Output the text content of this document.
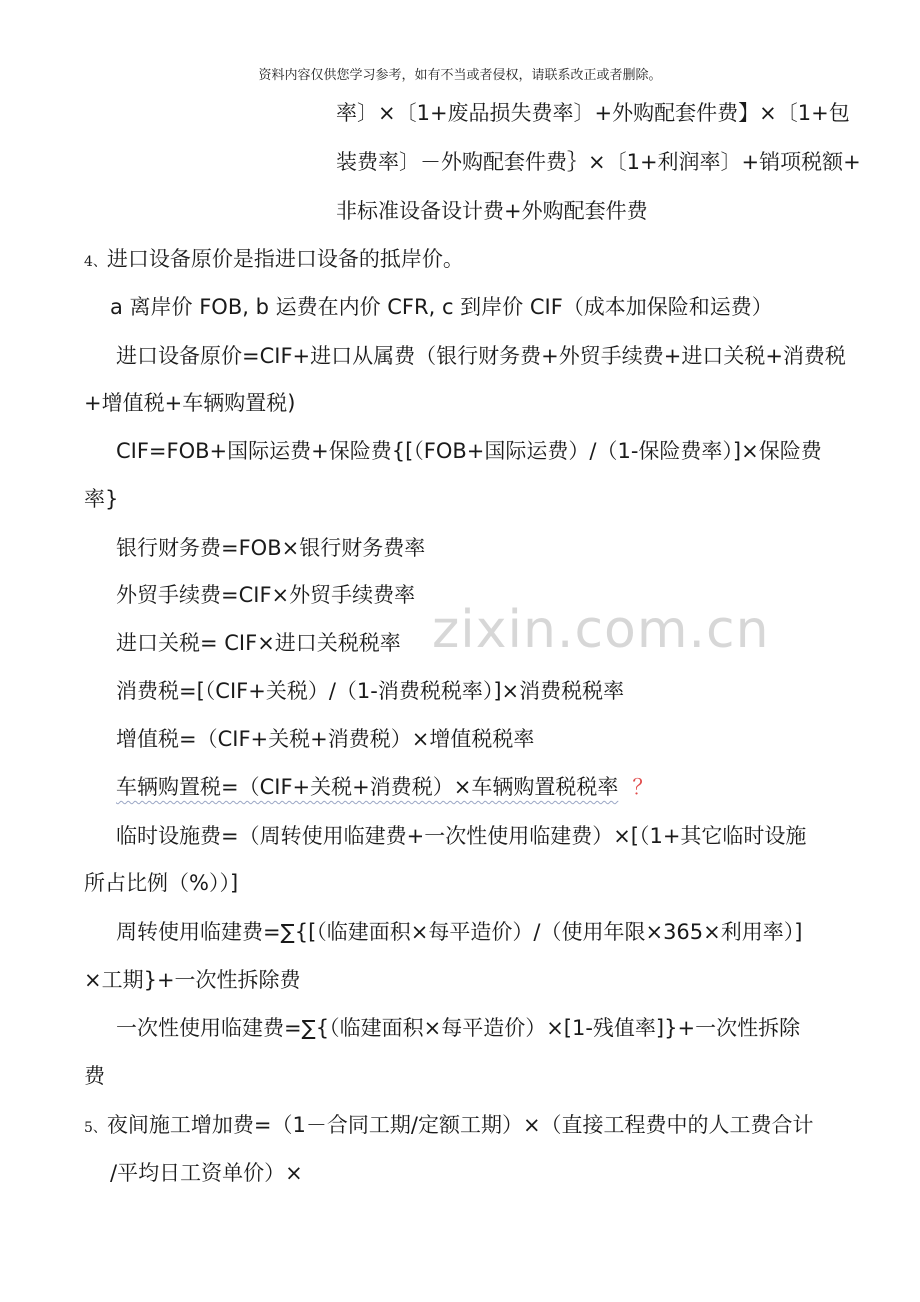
资料内容仅供您学习参考，如有不当或者侵权，请联系改正或者删除。
zixin.com.cn
率〕×〔1+废品损失费率〕+外购配套件费】×〔1+包
装费率〕－外购配套件费｝×〔1+利润率〕+销项税额+
非标准设备设计费+外购配套件费
4、进口设备原价是指进口设备的抵岸价。
a 离岸价 FOB, b 运费在内价 CFR, c 到岸价 CIF（成本加保险和运费）
进口设备原价=CIF+进口从属费（银行财务费+外贸手续费+进口关税+消费税
+增值税+车辆购置税)
CIF=FOB+国际运费+保险费{[（FOB+国际运费）/（1-保险费率）]×保险费
率}
银行财务费=FOB×银行财务费率
外贸手续费=CIF×外贸手续费率
进口关税= CIF×进口关税税率
消费税=[（CIF+关税）/（1-消费税税率）]×消费税税率
增值税=（CIF+关税+消费税）×增值税税率
车辆购置税=（CIF+关税+消费税）×车辆购置税税率 ？
临时设施费=（周转使用临建费+一次性使用临建费）×[（1+其它临时设施
所占比例（%））]
周转使用临建费=∑{[（临建面积×每平造价）/（使用年限×365×利用率）]
×工期}+一次性拆除费
一次性使用临建费=∑{（临建面积×每平造价）×[1-残值率]}+一次性拆除
费
5、夜间施工增加费=（1－合同工期/定额工期）×（直接工程费中的人工费合计
/平均日工资单价）×
